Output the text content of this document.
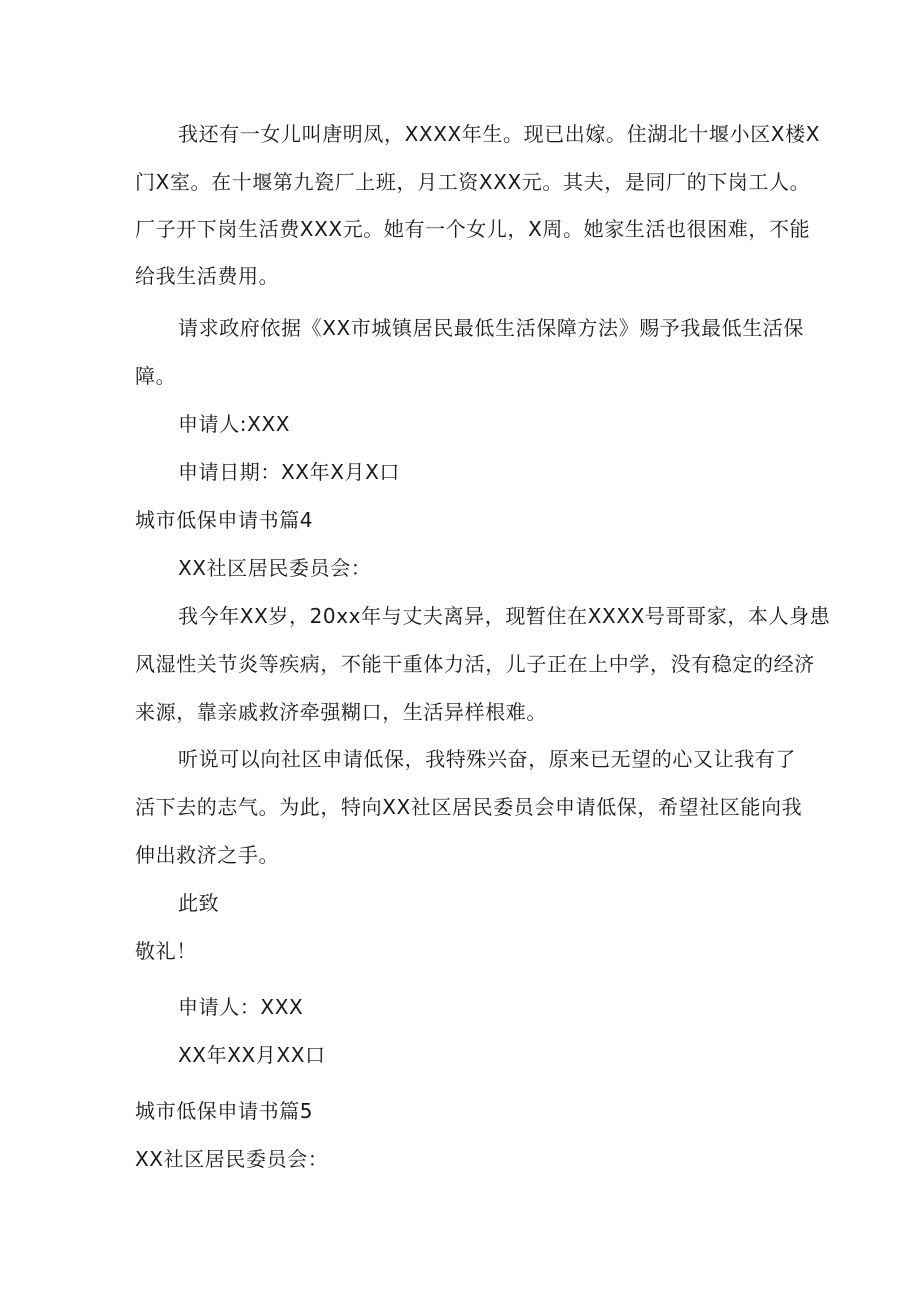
我还有一女儿叫唐明凤，XXXX年生。现已出嫁。住湖北十堰小区X楼X
门X室。在十堰第九瓷厂上班，月工资XXX元。其夫，是同厂的下岗工人。
厂子开下岗生活费XXX元。她有一个女儿，X周。她家生活也很困难，不能
给我生活费用。
请求政府依据《XX市城镇居民最低生活保障方法》赐予我最低生活保
障。
申请人:XXX
申请日期：XX年X月X口
城市低保申请书篇4
XX社区居民委员会：
我今年XX岁，20xx年与丈夫离异，现暂住在XXXX号哥哥家，本人身患
风湿性关节炎等疾病，不能干重体力活，儿子正在上中学，没有稳定的经济
来源，靠亲戚救济牵强糊口，生活异样根难。
听说可以向社区申请低保，我特殊兴奋，原来已无望的心又让我有了
活下去的志气。为此，特向XX社区居民委员会申请低保，希望社区能向我
伸出救济之手。
此致
敬礼！
申请人：XXX
XX年XX月XX口
城市低保申请书篇5
XX社区居民委员会：
